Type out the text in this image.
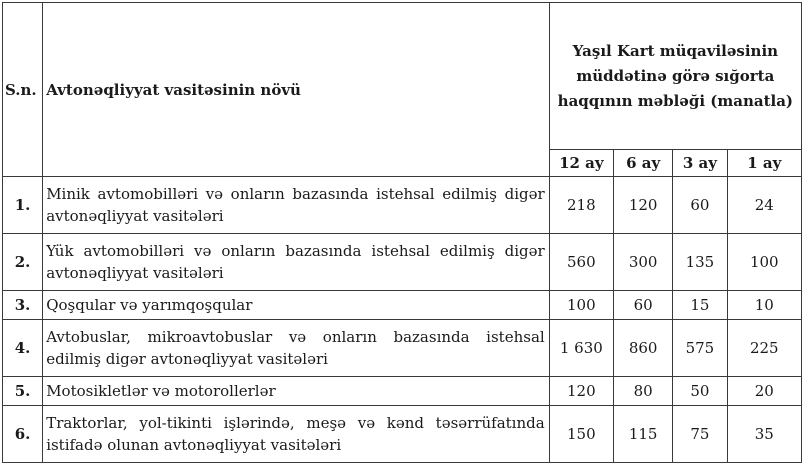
S.n.	Avtonəqliyyat vasitəsinin növü	Yaşıl Kart müqaviləsinin müddətinə görə sığorta haqqının məbləği (manatla)			
		12 ay	6 ay	3 ay	1 ay
1.	Minik avtomobilləri və onların bazasında istehsal edilmiş digər avtonəqliyyat vasitələri	218	120	60	24
2.	Yük avtomobilləri və onların bazasında istehsal edilmiş digər avtonəqliyyat vasitələri	560	300	135	100
3.	Qoşqular və yarımqoşqular	100	60	15	10
4.	Avtobuslar, mikroavtobuslar və onların bazasında istehsal edilmiş digər avtonəqliyyat vasitələri	1 630	860	575	225
5.	Motosikletlər və motorollerlər	120	80	50	20
6.	Traktorlar, yol-tikinti işlərində, meşə və kənd təsərrüfatında istifadə olunan avtonəqliyyat vasitələri	150	115	75	35
